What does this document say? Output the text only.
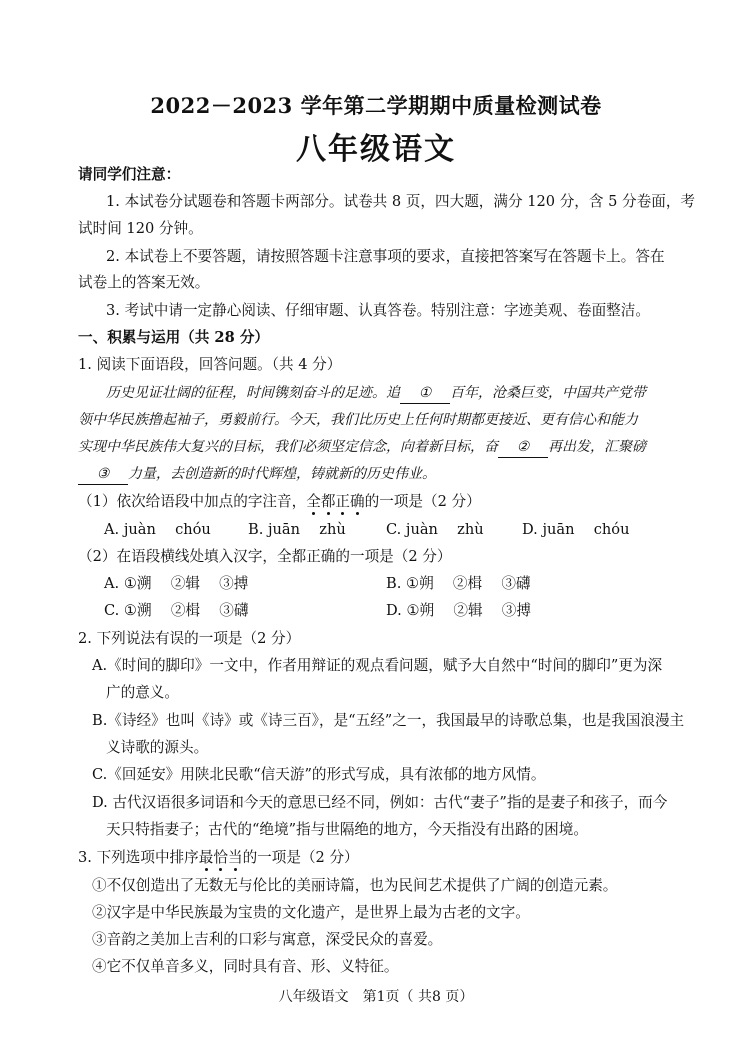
2022－2023 学年第二学期期中质量检测试卷
八年级语文
请同学们注意：
1. 本试卷分试题卷和答题卡两部分。试卷共 8 页，四大题，满分 120 分，含 5 分卷面，考
试时间 120 分钟。
2. 本试卷上不要答题，请按照答题卡注意事项的要求，直接把答案写在答题卡上。答在
试卷上的答案无效。
3. 考试中请一定静心阅读、仔细审题、认真答卷。特别注意：字迹美观、卷面整洁。
一、积累与运用（共 28 分）
1. 阅读下面语段，回答问题。（共 4 分）
历史见证壮阔的征程，时间镌刻奋斗的足迹。追 ① 百年，沧桑巨变，中国共产党带
领中华民族撸起袖子，勇毅前行。今天，我们比历史上任何时期都更接近、更有信心和能力
实现中华民族伟大复兴的目标，我们必须坚定信念，向着新目标，奋 ② 再出发，汇聚磅
③ 力量，去创造新的时代辉煌，铸就新的历史伟业。
（1）依次给语段中加点的字注音，全都正确的一项是（2 分）
A. juàn　 chóu	B. juān　 zhù	C. juàn　 zhù	D. juān　 chóu
（2）在语段横线处填入汉字，全都正确的一项是（2 分）
A. ①溯　 ②辑　 ③搏	B. ①朔　 ②楫　 ③礴
C. ①溯　 ②楫　 ③礴	D. ①朔　 ②辑　 ③搏
2. 下列说法有误的一项是（2 分）
A.《时间的脚印》一文中，作者用辩证的观点看问题，赋予大自然中“时间的脚印”更为深
广的意义。
B.《诗经》也叫《诗》或《诗三百》，是“五经”之一，我国最早的诗歌总集，也是我国浪漫主
义诗歌的源头。
C.《回延安》用陕北民歌“信天游”的形式写成，具有浓郁的地方风情。
D. 古代汉语很多词语和今天的意思已经不同，例如：古代“妻子”指的是妻子和孩子，而今
天只特指妻子；古代的“绝境”指与世隔绝的地方，今天指没有出路的困境。
3. 下列选项中排序最恰当的一项是（2 分）
①不仅创造出了无数无与伦比的美丽诗篇，也为民间艺术提供了广阔的创造元素。
②汉字是中华民族最为宝贵的文化遗产，是世界上最为古老的文字。
③音韵之美加上吉利的口彩与寓意，深受民众的喜爱。
④它不仅单音多义，同时具有音、形、义特征。
八年级语文　第1页（ 共8 页）
